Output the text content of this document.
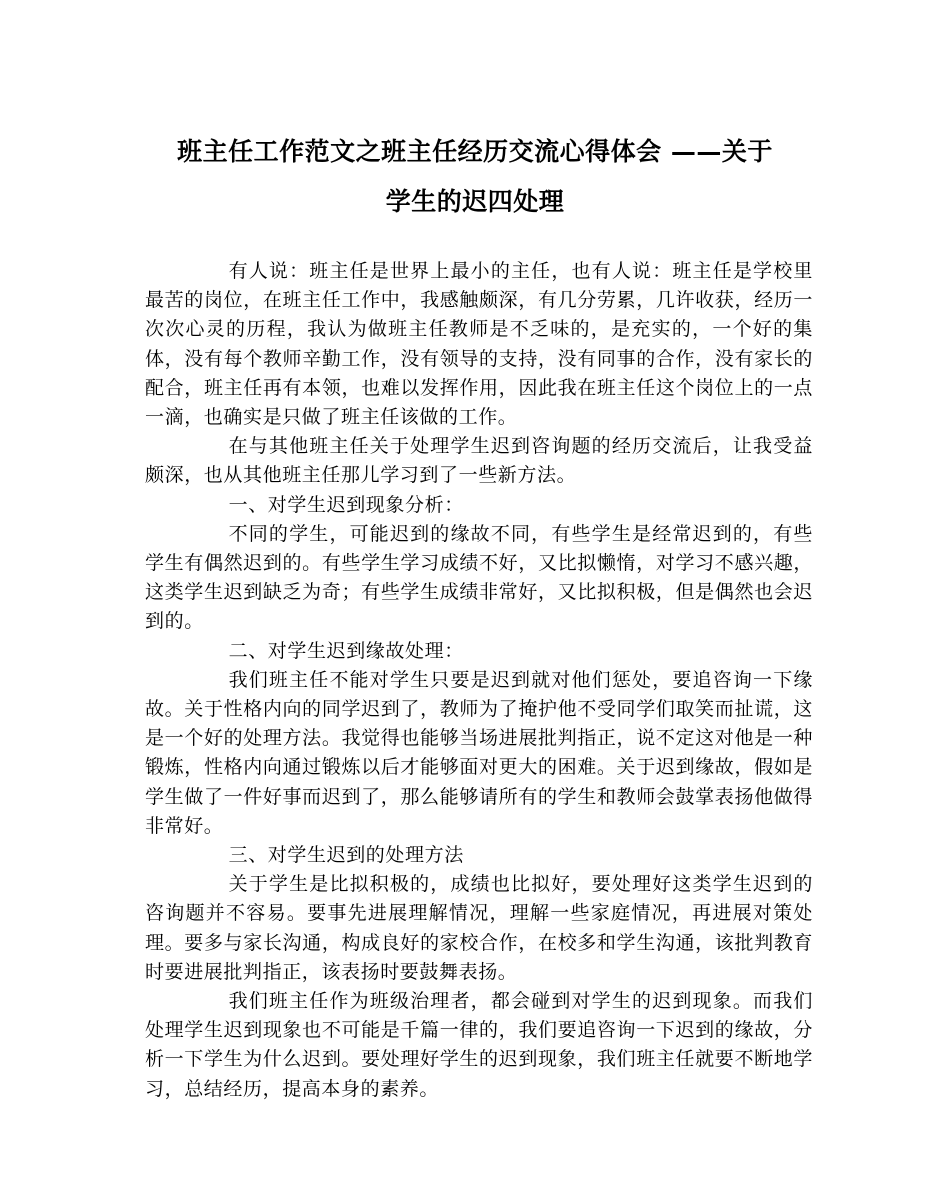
班主任工作范文之班主任经历交流心得体会 ——关于
学生的迟四处理

有人说：班主任是世界上最小的主任，也有人说：班主任是学校里最苦的岗位，在班主任工作中，我感触颇深，有几分劳累，几许收获，经历一次次心灵的历程，我认为做班主任教师是不乏味的，是充实的，一个好的集体，没有每个教师辛勤工作，没有领导的支持，没有同事的合作，没有家长的配合，班主任再有本领，也难以发挥作用，因此我在班主任这个岗位上的一点一滴，也确实是只做了班主任该做的工作。

在与其他班主任关于处理学生迟到咨询题的经历交流后，让我受益颇深，也从其他班主任那儿学习到了一些新方法。

一、对学生迟到现象分析：

不同的学生，可能迟到的缘故不同，有些学生是经常迟到的，有些学生有偶然迟到的。有些学生学习成绩不好，又比拟懒惰，对学习不感兴趣，这类学生迟到缺乏为奇；有些学生成绩非常好，又比拟积极，但是偶然也会迟到的。

二、对学生迟到缘故处理：

我们班主任不能对学生只要是迟到就对他们惩处，要追咨询一下缘故。关于性格内向的同学迟到了，教师为了掩护他不受同学们取笑而扯谎，这是一个好的处理方法。我觉得也能够当场进展批判指正，说不定这对他是一种锻炼，性格内向通过锻炼以后才能够面对更大的困难。关于迟到缘故，假如是学生做了一件好事而迟到了，那么能够请所有的学生和教师会鼓掌表扬他做得非常好。

三、对学生迟到的处理方法

关于学生是比拟积极的，成绩也比拟好，要处理好这类学生迟到的咨询题并不容易。要事先进展理解情况，理解一些家庭情况，再进展对策处理。要多与家长沟通，构成良好的家校合作，在校多和学生沟通，该批判教育时要进展批判指正，该表扬时要鼓舞表扬。

我们班主任作为班级治理者，都会碰到对学生的迟到现象。而我们处理学生迟到现象也不可能是千篇一律的，我们要追咨询一下迟到的缘故，分析一下学生为什么迟到。要处理好学生的迟到现象，我们班主任就要不断地学习，总结经历，提高本身的素养。
